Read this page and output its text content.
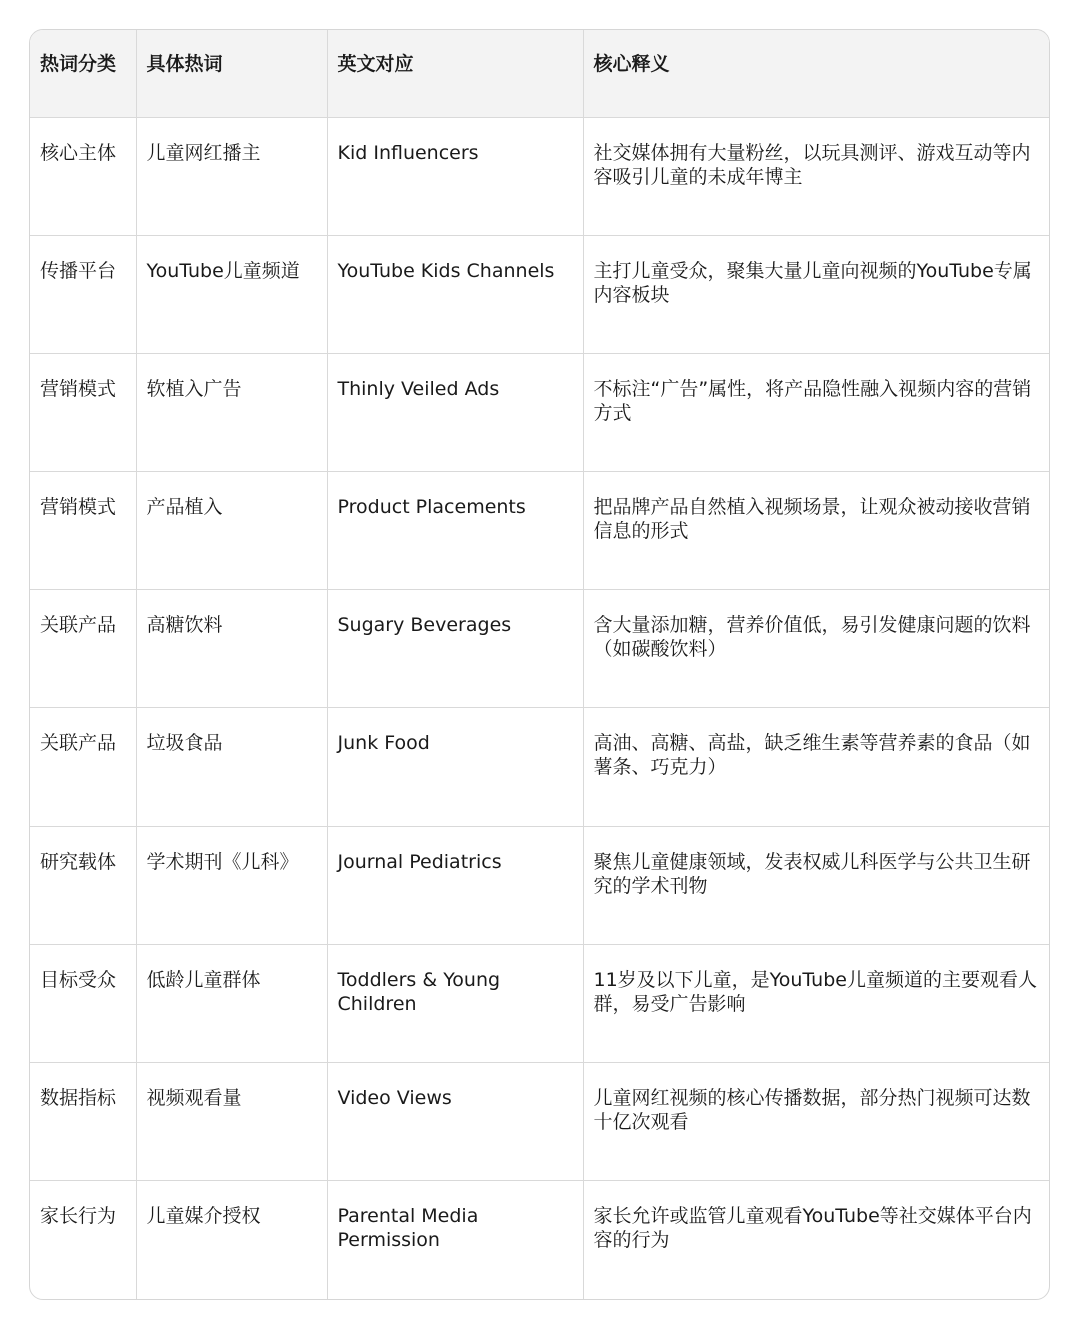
热词分类	具体热词	英文对应	核心释义
核心主体	儿童网红播主	Kid Influencers	社交媒体拥有大量粉丝，以玩具测评、游戏互动等内容吸引儿童的未成年博主
传播平台	YouTube儿童频道	YouTube Kids Channels	主打儿童受众，聚集大量儿童向视频的YouTube专属内容板块
营销模式	软植入广告	Thinly Veiled Ads	不标注“广告”属性，将产品隐性融入视频内容的营销方式
营销模式	产品植入	Product Placements	把品牌产品自然植入视频场景，让观众被动接收营销信息的形式
关联产品	高糖饮料	Sugary Beverages	含大量添加糖，营养价值低，易引发健康问题的饮料（如碳酸饮料）
关联产品	垃圾食品	Junk Food	高油、高糖、高盐，缺乏维生素等营养素的食品（如薯条、巧克力）
研究载体	学术期刊《儿科》	Journal Pediatrics	聚焦儿童健康领域，发表权威儿科医学与公共卫生研究的学术刊物
目标受众	低龄儿童群体	Toddlers & Young Children	11岁及以下儿童，是YouTube儿童频道的主要观看人群，易受广告影响
数据指标	视频观看量	Video Views	儿童网红视频的核心传播数据，部分热门视频可达数十亿次观看
家长行为	儿童媒介授权	Parental Media Permission	家长允许或监管儿童观看YouTube等社交媒体平台内容的行为
